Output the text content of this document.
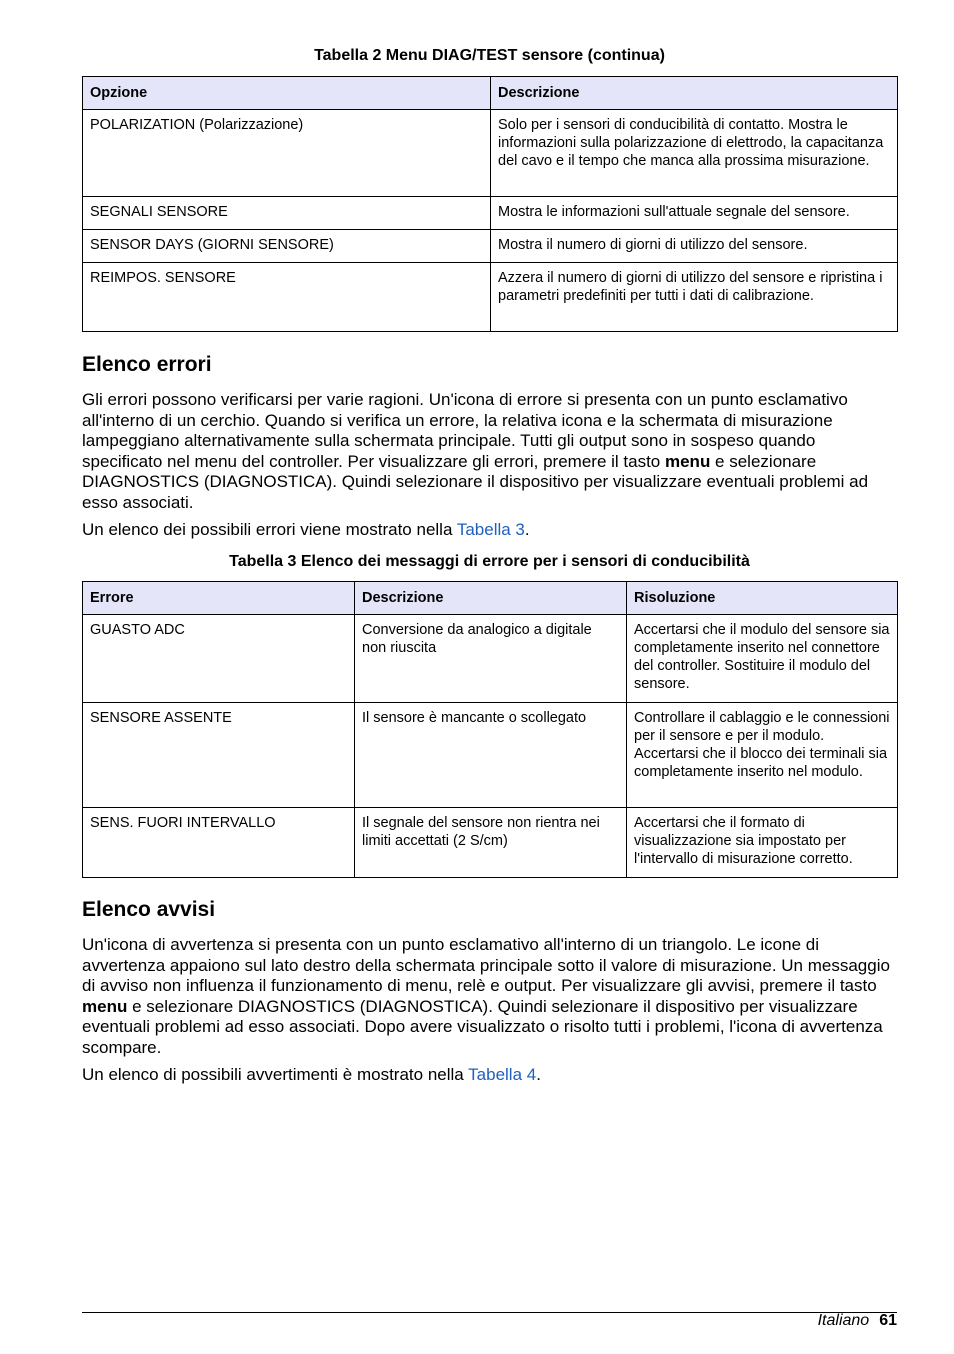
Tabella 2 Menu DIAG/TEST sensore (continua)

Opzione	Descrizione
POLARIZATION (Polarizzazione)	Solo per i sensori di conducibilità di contatto. Mostra le informazioni sulla polarizzazione di elettrodo, la capacitanza del cavo e il tempo che manca alla prossima misurazione.
SEGNALI SENSORE	Mostra le informazioni sull'attuale segnale del sensore.
SENSOR DAYS (GIORNI SENSORE)	Mostra il numero di giorni di utilizzo del sensore.
REIMPOS. SENSORE	Azzera il numero di giorni di utilizzo del sensore e ripristina i parametri predefiniti per tutti i dati di calibrazione.
Elenco errori

Gli errori possono verificarsi per varie ragioni. Un'icona di errore si presenta con un punto esclamativo all'interno di un cerchio. Quando si verifica un errore, la relativa icona e la schermata di misurazione lampeggiano alternativamente sulla schermata principale. Tutti gli output sono in sospeso quando specificato nel menu del controller. Per visualizzare gli errori, premere il tasto menu e selezionare DIAGNOSTICS (DIAGNOSTICA). Quindi selezionare il dispositivo per visualizzare eventuali problemi ad esso associati.

Un elenco dei possibili errori viene mostrato nella Tabella 3.

Tabella 3 Elenco dei messaggi di errore per i sensori di conducibilità

Errore	Descrizione	Risoluzione
GUASTO ADC	Conversione da analogico a digitale non riuscita	Accertarsi che il modulo del sensore sia completamente inserito nel connettore del controller. Sostituire il modulo del sensore.
SENSORE ASSENTE	Il sensore è mancante o scollegato	Controllare il cablaggio e le connessioni per il sensore e per il modulo. Accertarsi che il blocco dei terminali sia completamente inserito nel modulo.
SENS. FUORI INTERVALLO	Il segnale del sensore non rientra nei limiti accettati (2 S/cm)	Accertarsi che il formato di visualizzazione sia impostato per l'intervallo di misurazione corretto.
Elenco avvisi

Un'icona di avvertenza si presenta con un punto esclamativo all'interno di un triangolo. Le icone di avvertenza appaiono sul lato destro della schermata principale sotto il valore di misurazione. Un messaggio di avviso non influenza il funzionamento di menu, relè e output. Per visualizzare gli avvisi, premere il tasto menu e selezionare DIAGNOSTICS (DIAGNOSTICA). Quindi selezionare il dispositivo per visualizzare eventuali problemi ad esso associati. Dopo avere visualizzato o risolto tutti i problemi, l'icona di avvertenza scompare.

Un elenco di possibili avvertimenti è mostrato nella Tabella 4.

Italiano 61
